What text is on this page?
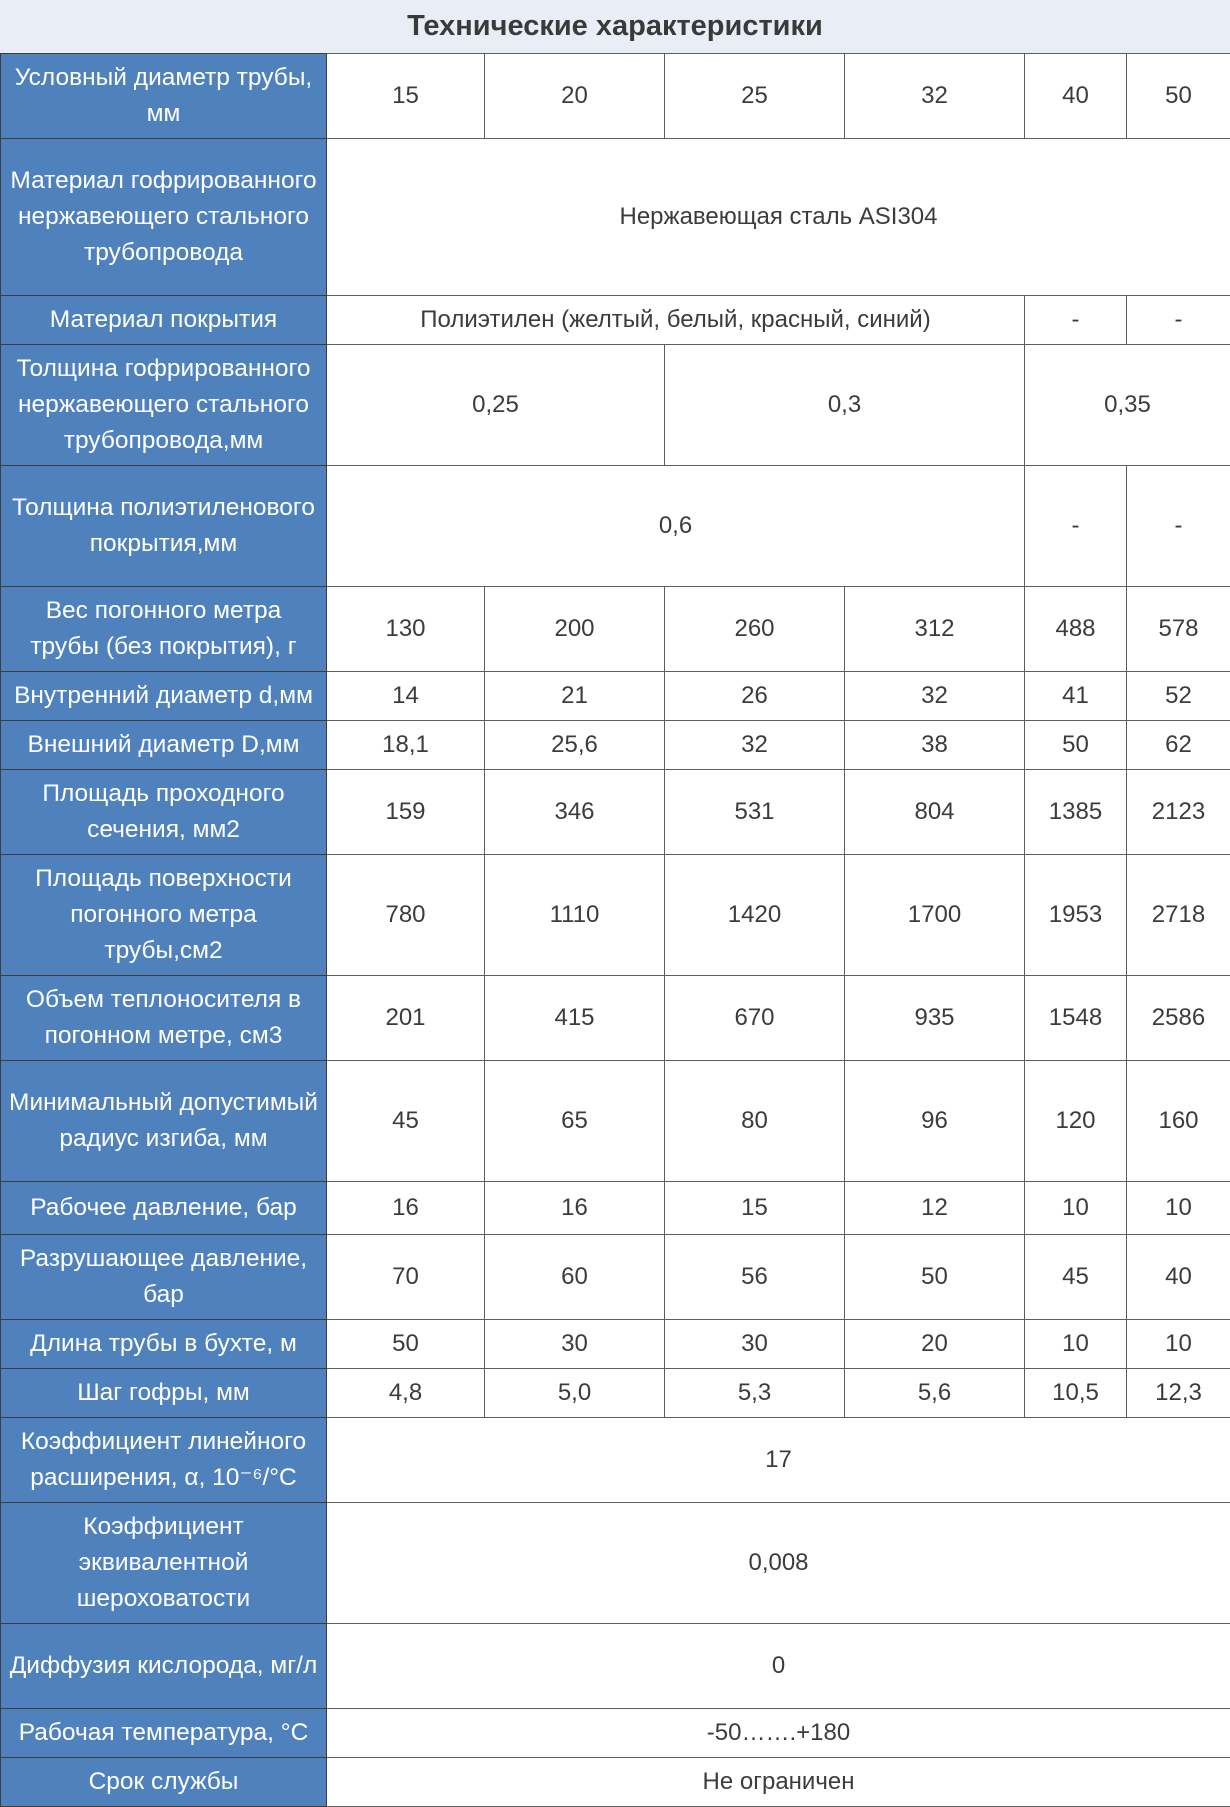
Технические характеристики
Условный диаметр трубы, мм	15	20	25	32	40	50
Материал гофрированного нержавеющего стального трубопровода	Нержавеющая сталь ASI304					
Материал покрытия	Полиэтилен (желтый, белый, красный, синий)				-	-
Толщина гофрированного нержавеющего стального трубопровода,мм	0,25		0,3		0,35	
Толщина полиэтиленового покрытия,мм	0,6				-	-
Вес погонного метра трубы (без покрытия), г	130	200	260	312	488	578
Внутренний диаметр d,мм	14	21	26	32	41	52
Внешний диаметр D,мм	18,1	25,6	32	38	50	62
Площадь проходного сечения, мм2	159	346	531	804	1385	2123
Площадь поверхности погонного метра трубы,см2	780	1110	1420	1700	1953	2718
Объем теплоносителя в погонном метре, см3	201	415	670	935	1548	2586
Минимальный допустимый радиус изгиба, мм	45	65	80	96	120	160
Рабочее давление, бар	16	16	15	12	10	10
Разрушающее давление, бар	70	60	56	50	45	40
Длина трубы в бухте, м	50	30	30	20	10	10
Шаг гофры, мм	4,8	5,0	5,3	5,6	10,5	12,3
Коэффициент линейного расширения, α, 10⁻⁶/°C	17					
Коэффициент эквивалентной шероховатости	0,008					
Диффузия кислорода, мг/л	0					
Рабочая температура, °C	-50…….+180					
Срок службы	Не ограничен					
